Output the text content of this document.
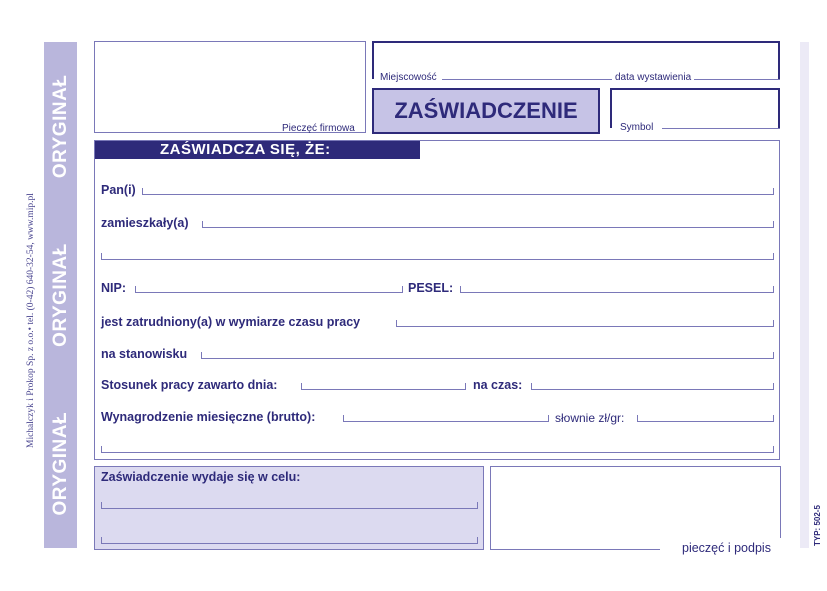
ORYGINAŁ
ORYGINAŁ
ORYGINAŁ
Michalczyk i Prokop Sp. z o.o.• tel. (0-42) 640-32-54, www.mip.pl
TYP: 502-5
Pieczęć firmowa
Miejscowość	data wystawienia
ZAŚWIADCZENIE
Symbol
ZAŚWIADCZA SIĘ, ŻE:
Pan(i)
zamieszkały(a)
NIP:	PESEL:
jest zatrudniony(a) w wymiarze czasu pracy
na stanowisku
Stosunek pracy zawarto dnia:	na czas:
Wynagrodzenie miesięczne (brutto):	słownie zł/gr:
Zaświadczenie wydaje się w celu:
pieczęć i podpis
